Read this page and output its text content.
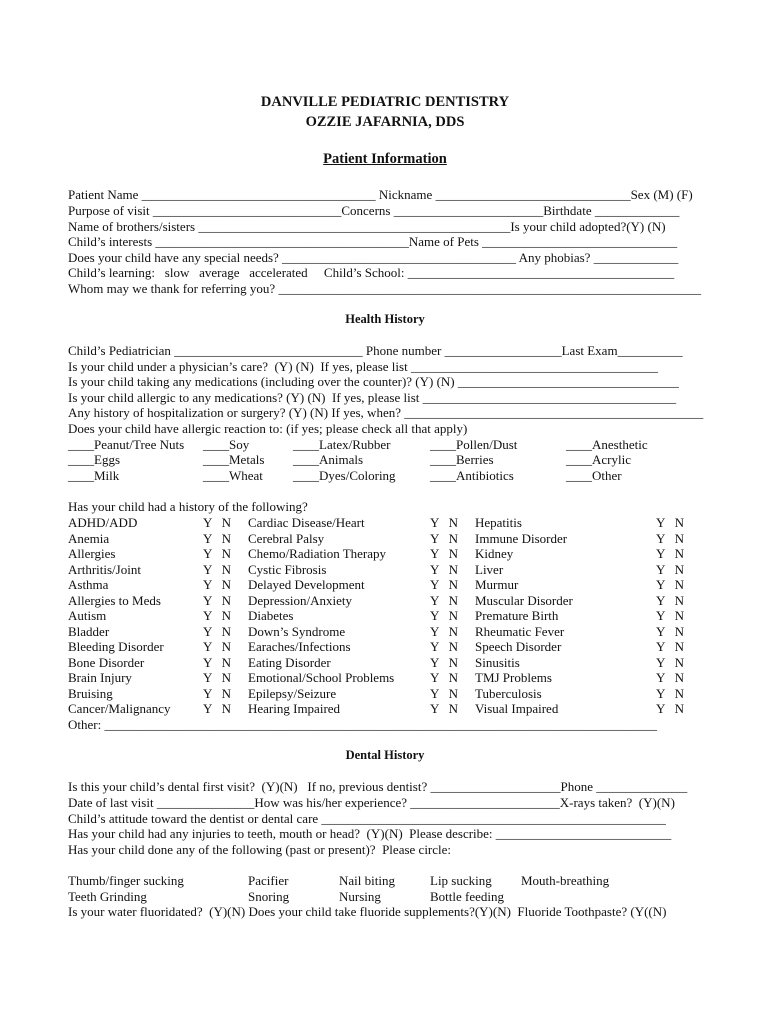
DANVILLE PEDIATRIC DENTISTRY
OZZIE JAFARNIA, DDS
Patient Information
Patient Name ____________________________________ Nickname ______________________________Sex (M) (F)
Purpose of visit _____________________________Concerns _______________________Birthdate _____________
Name of brothers/sisters ________________________________________________Is your child adopted?(Y) (N)
Child’s interests _______________________________________Name of Pets ______________________________
Does your child have any special needs? ____________________________________ Any phobias? _____________
Child’s learning:   slow   average   accelerated     Child’s School: _________________________________________
Whom may we thank for referring you? _________________________________________________________________
Health History
Child’s Pediatrician _____________________________ Phone number __________________Last Exam__________
Is your child under a physician’s care?  (Y) (N)  If yes, please list ______________________________________
Is your child taking any medications (including over the counter)? (Y) (N) __________________________________
Is your child allergic to any medications? (Y) (N)  If yes, please list _______________________________________
Any history of hospitalization or surgery? (Y) (N) If yes, when? ______________________________________________
Does your child have allergic reaction to: (if yes; please check all that apply)
____Peanut/Tree Nuts ____Soy	____Latex/Rubber	____Pollen/Dust	____Anesthetic
____Eggs	____Metals ____Animals	____Berries	____Acrylic
____Milk	____Wheat ____Dyes/Coloring	____Antibiotics	____Other
Has your child had a history of the following?
ADHD/ADD	Y   N Cardiac Disease/Heart	Y   N Hepatitis	Y   N
Anemia	Y   N Cerebral Palsy	Y   N Immune Disorder	Y   N
Allergies	Y   N Chemo/Radiation Therapy	Y   N Kidney	Y   N
Arthritis/Joint	Y   N Cystic Fibrosis	Y   N Liver	Y   N
Asthma	Y   N Delayed Development	Y   N Murmur	Y   N
Allergies to Meds	Y   N Depression/Anxiety	Y   N Muscular Disorder	Y   N
Autism	Y   N Diabetes	Y   N Premature Birth	Y   N
Bladder	Y   N Down’s Syndrome	Y   N Rheumatic Fever	Y   N
Bleeding Disorder	Y   N Earaches/Infections	Y   N Speech Disorder	Y   N
Bone Disorder	Y   N Eating Disorder	Y   N Sinusitis	Y   N
Brain Injury	Y   N Emotional/School Problems	Y   N TMJ Problems	Y   N
Bruising	Y   N Epilepsy/Seizure	Y   N Tuberculosis	Y   N
Cancer/Malignancy Y   N Hearing Impaired	Y   N Visual Impaired	Y   N
Other: _____________________________________________________________________________________
Dental History
Is this your child’s dental first visit?  (Y)(N)   If no, previous dentist? ____________________Phone ______________
Date of last visit _______________How was his/her experience? _______________________X-rays taken?  (Y)(N)
Child’s attitude toward the dentist or dental care _____________________________________________________
Has your child had any injuries to teeth, mouth or head?  (Y)(N)  Please describe: ___________________________
Has your child done any of the following (past or present)?  Please circle:
Thumb/finger sucking	Pacifier	Nail biting	Lip sucking Mouth-breathing
Teeth Grinding	Snoring	Nursing	Bottle feeding
Is your water fluoridated?  (Y)(N) Does your child take fluoride supplements?(Y)(N)  Fluoride Toothpaste? (Y((N)
